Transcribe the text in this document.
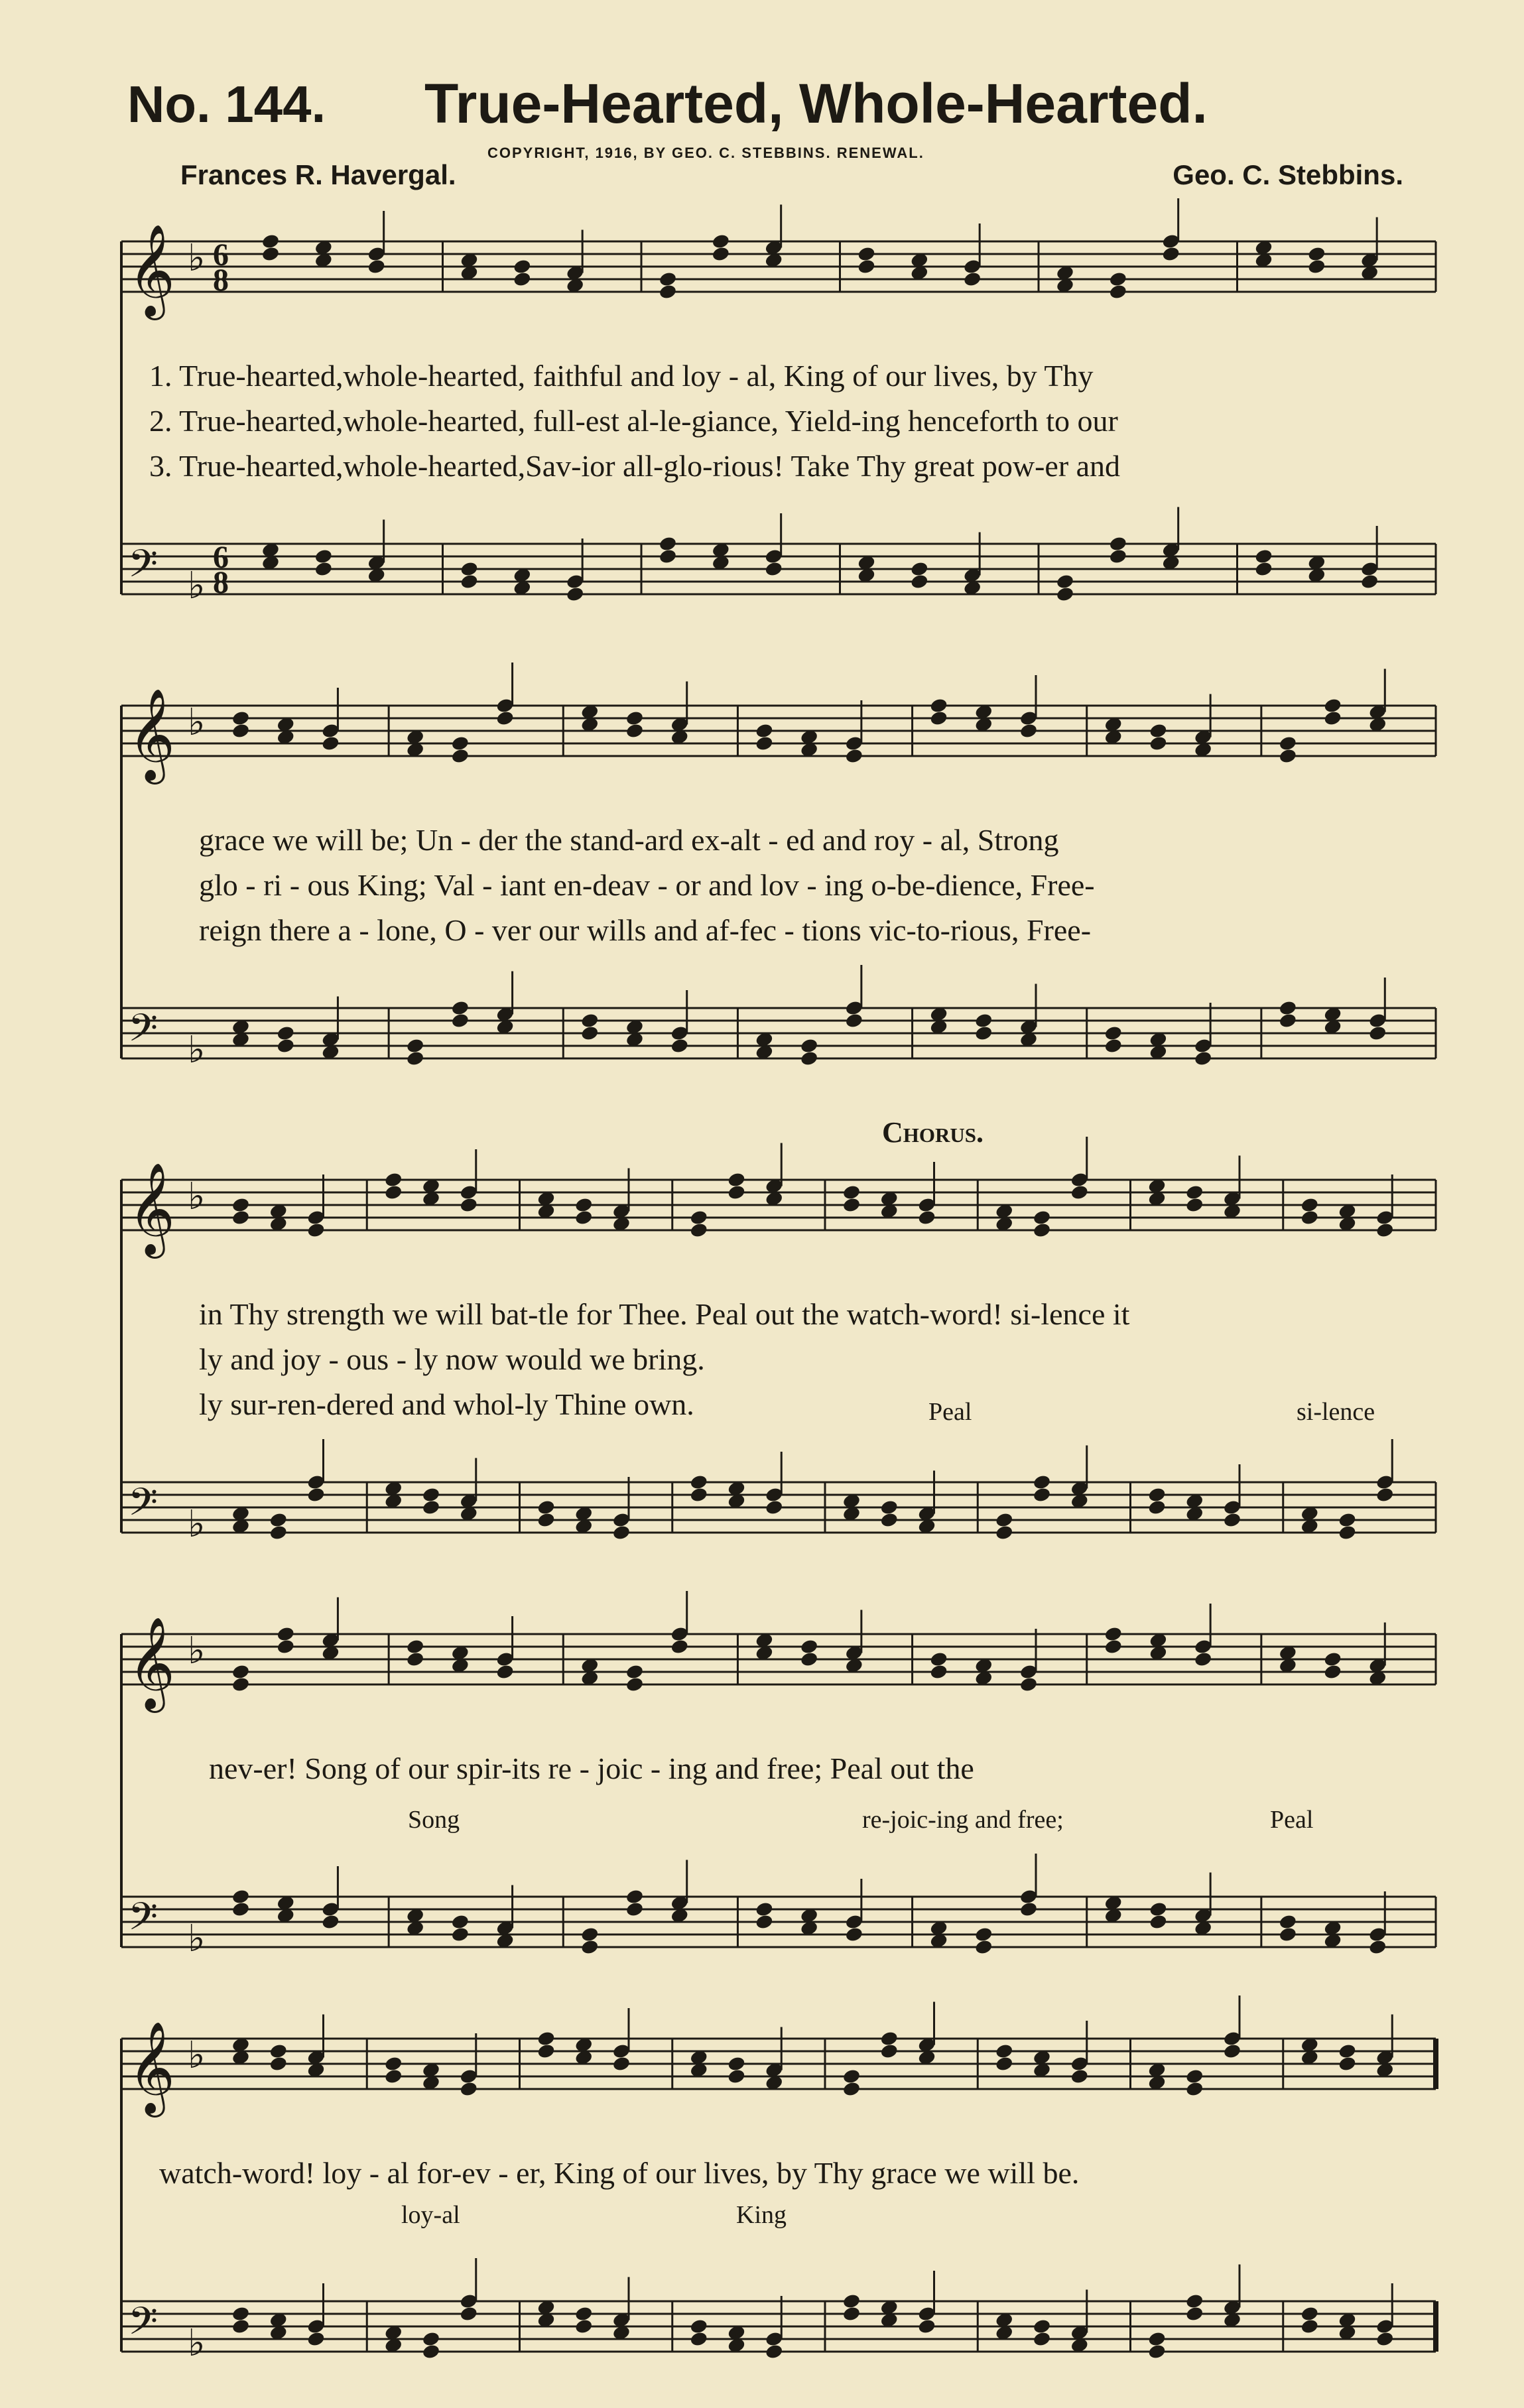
No. 144. True-Hearted, Whole-Hearted.
COPYRIGHT, 1916, BY GEO. C. STEBBINS. RENEWAL.
Frances R. Havergal.	Geo. C. Stebbins.
𝄞 ♭ 6
8
𝄢 ♭
6
8
1. True-hearted,whole-hearted, faithful and loy - al, King of our lives, by Thy
2. True-hearted,whole-hearted, full-est al-le-giance, Yield-ing henceforth to our
3. True-hearted,whole-hearted,Sav-ior all-glo-rious! Take Thy great pow-er and
𝄞 ♭
𝄢 ♭
grace we will be; Un - der the stand-ard ex-alt - ed and roy - al, Strong
glo - ri - ous King; Val - iant en-deav - or and lov - ing o-be-dience, Free-
reign there a - lone, O - ver our wills and af-fec - tions vic-to-rious, Free-
Chorus.
𝄞 ♭
𝄢 ♭
in Thy strength we will bat-tle for Thee. Peal out the watch-word! si-lence it
ly and joy - ous - ly now would we bring.
ly sur-ren-dered and whol-ly Thine own.	Peal	si-lence
𝄞 ♭
𝄢 ♭
nev-er! Song of our spir-its re - joic - ing and free; Peal out the
Song	re-joic-ing and free;	Peal
𝄞 ♭
𝄢 ♭
watch-word! loy - al for-ev - er, King of our lives, by Thy grace we will be.
loy-al	King
